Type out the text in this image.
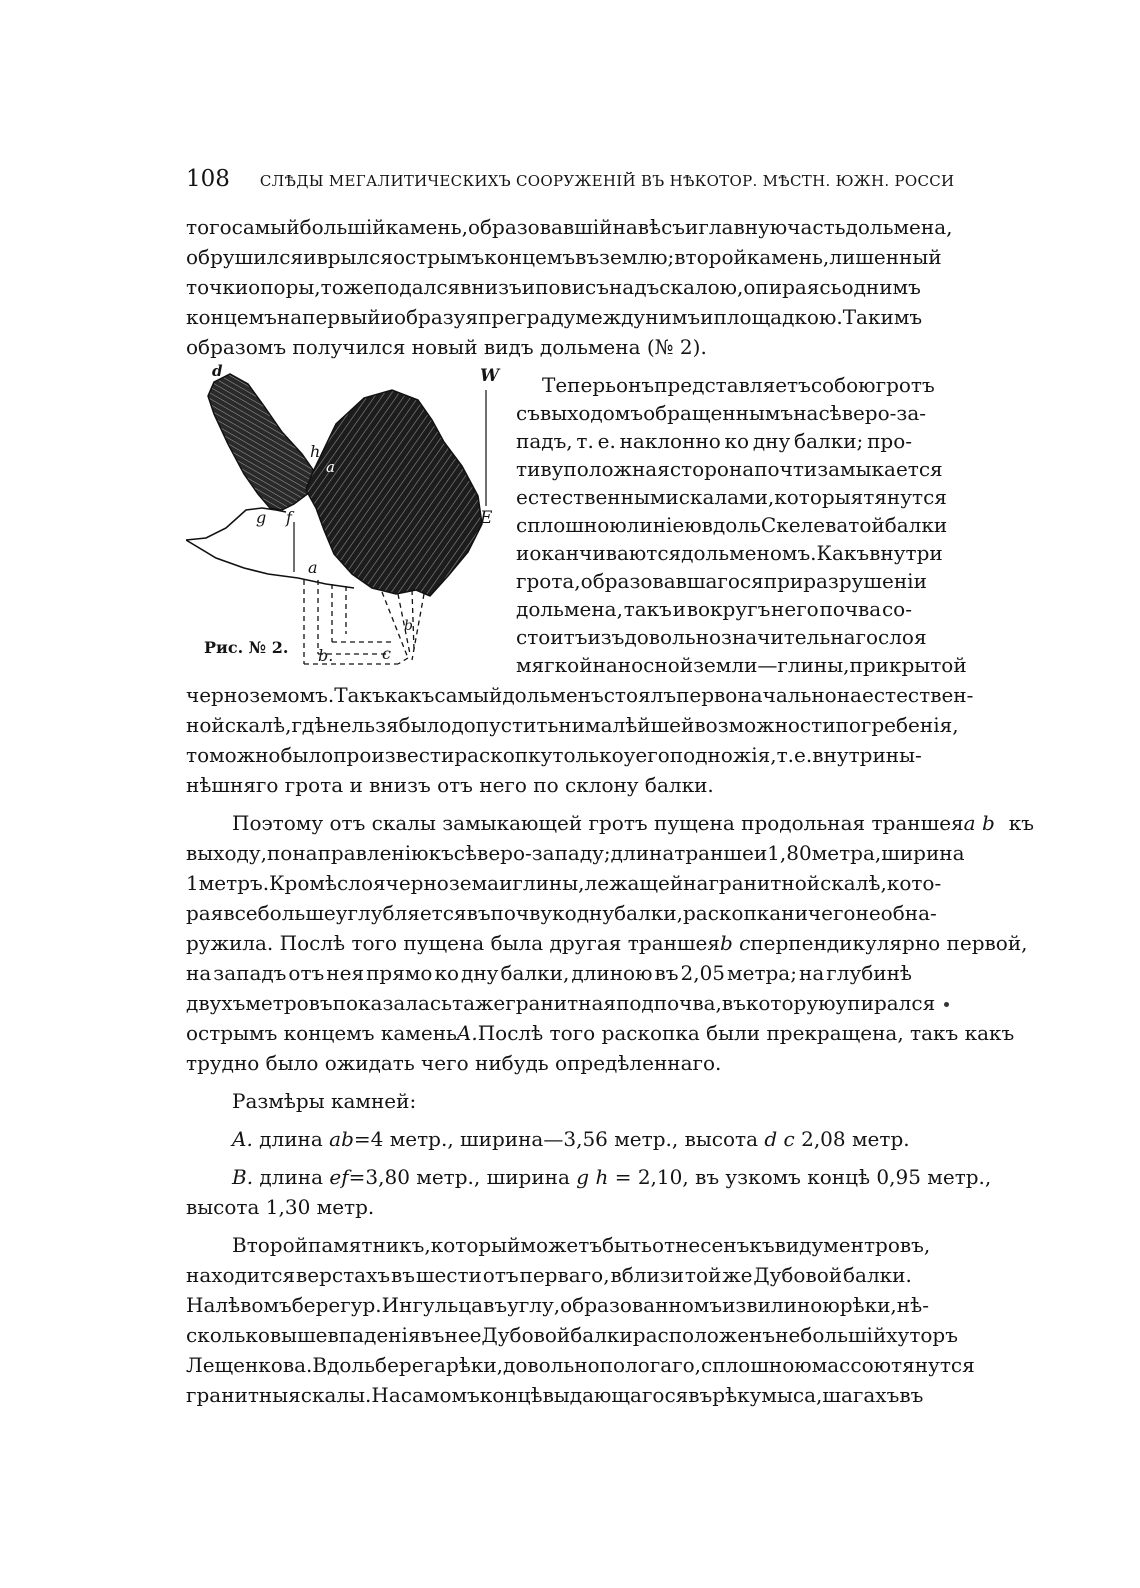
108 СЛѢДЫ МЕГАЛИТИЧЕСКИХЪ СООРУЖЕНIЙ ВЪ НѢКОТОР. МѢСТН. ЮЖН. РОССИ
того самый большiй камень, образовавшiй навѣсъ и главную часть дольмена,
обрушился и врылся острымъ концемъ въ землю; второй камень, лишенный
точки опоры, тоже подался внизъ и повисъ надъ скалою, опираясь однимъ
концемъ на первый и образуя преграду между нимъ и площадкою. Такимъ
образомъ получился новый видъ дольмена (№ 2).
d
h
a
g f
a
b
b.	c
W
E
Рис. № 2.
Теперь онъ представляетъ собою гротъ
съ выходомъ обращеннымъ на сѣверо-за-
падъ, т. е. наклонно ко дну балки; про-
тивуположная сторона почти замыкается
естественными скалами, которыя тянутся
сплошною линiею вдоль Скелеватой балки
и оканчиваются дольменомъ. Какъ внутри
грота, образовавшагося при разрушенiи
дольмена, такъ и вокругъ него почва со-
стоитъ изъ довольно значительнаго слоя
мягкой наносной земли—глины, прикрытой
черноземомъ. Такъ какъ самый дольменъ стоялъ первоначально на естествен-
ной скалѣ, гдѣ нельзя было допустить ни малѣйшей возможности погребенiя,
то можно было произвести раскопку только у его подножiя, т. е. внутри ны-
нѣшняго грота и внизъ отъ него по склону балки.
Поэтому отъ скалы замыкающей гротъ пущена продольная траншея a b къ
выходу, по направленiю къ сѣверо-западу; длина траншеи 1,80 метра, ширина
1 метръ. Кромѣ слоя чернозема и глины, лежащей на гранитной скалѣ, кото-
рая все больше углубляется въ почву ко дну балки, раскопка ничего не обна-
ружила. Послѣ того пущена была другая траншея b c перпендикулярно первой,
на западъ отъ нея прямо ко дну балки, длиною въ 2,05 метра; на глубинѣ
двухъ метровъ показалась та же гранитная подпочва, въ которую упирался
острымъ концемъ камень A. Послѣ того раскопка были прекращена, такъ какъ
трудно было ожидать чего нибудь опредѣленнаго.
Размѣры камней:
A. длина ab=4 метр., ширина—3,56 метр., высота d c 2,08 метр.
B. длина ef=3,80 метр., ширина g h = 2,10, въ узкомъ концѣ 0,95 метр.,
высота 1,30 метр.
Второй памятникъ, который можетъ быть отнесенъ къ виду ментровъ,
находится верстахъ въ шести отъ перваго, вблизи той же Дубовой балки.
На лѣвомъ берегу р. Ингульца въ углу, образованномъ извилиною рѣки, нѣ-
сколько выше впаденiя въ нее Дубовой балки расположенъ небольшiй хуторъ
Лещенкова. Вдоль берега рѣки, довольно пологаго, сплошною массою тянутся
гранитныя скалы. На самомъ концѣ выдающагося въ рѣку мыса, шагахъ въ
